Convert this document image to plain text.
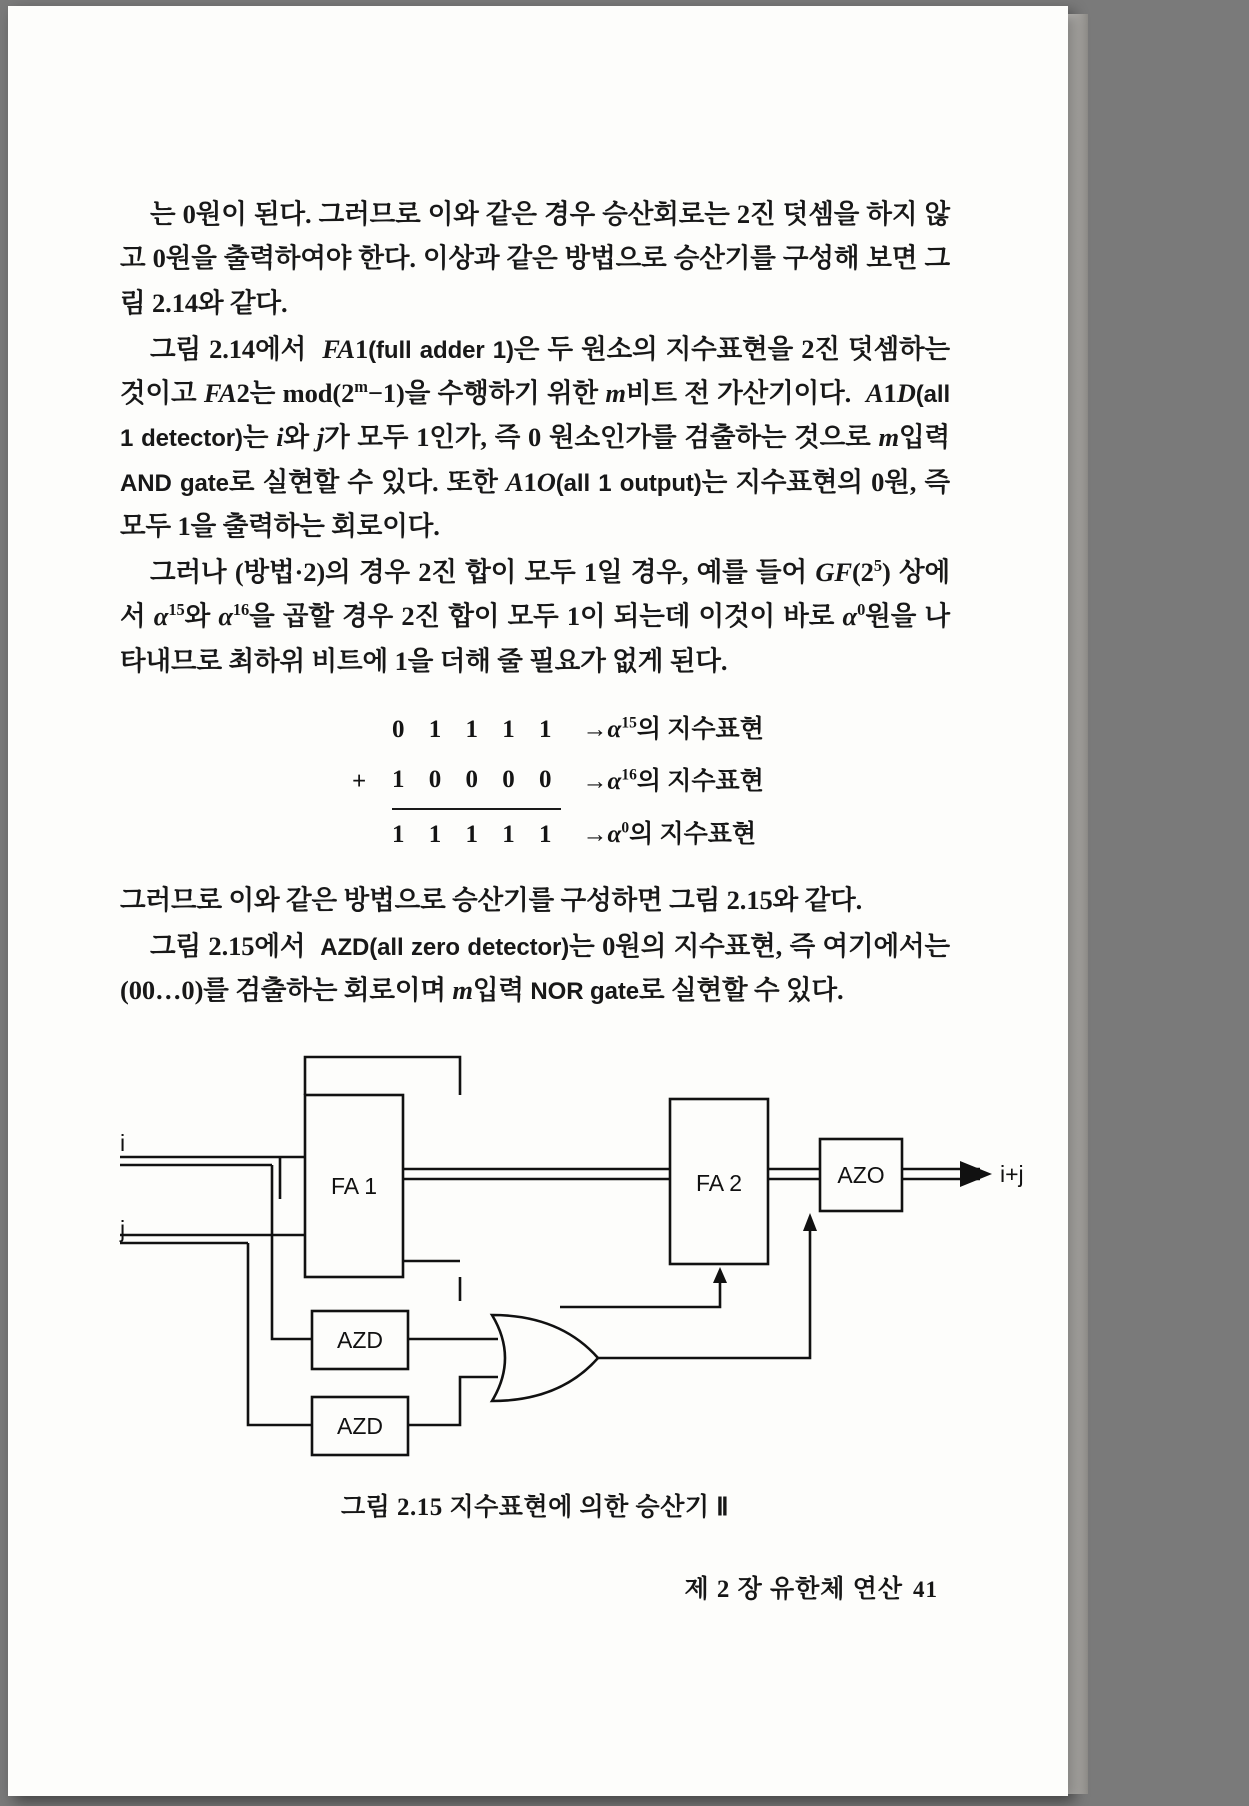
는 0원이 된다. 그러므로 이와 같은 경우 승산회로는 2진 덧셈을 하지 않고 0원을 출력하여야 한다. 이상과 같은 방법으로 승산기를 구성해 보면 그림 2.14와 같다.

그림 2.14에서  FA1(full adder 1)은 두 원소의 지수표현을 2진 덧셈하는 것이고 FA2는 $mod(2^m-1)$을 수행하기 위한 m비트 전 가산기이다.  A1D(all 1 detector)는 i와 j가 모두 1인가, 즉 0 원소인가를 검출하는 것으로 m입력 AND gate로 실현할 수 있다. 또한 A1O(all 1 output)는 지수표현의 0원, 즉 모두 1을 출력하는 회로이다.

그러나 (방법·2)의 경우 2진 합이 모두 1일 경우, 예를 들어 $GF(2^5)$ 상에서 $\alpha^{15}$와 $\alpha^{16}$을 곱할 경우 2진 합이 모두 1이 되는데 이것이 바로 $\alpha^0$원을 나타내므로 최하위 비트에 1을 더해 줄 필요가 없게 된다.

0 1 1 1 $1 \to\alpha^{15}$의 지수표현
+	1 0 0 0 $0 \to\alpha^{16}$의 지수표현
1 1 1 1 $1 \to\alpha^0$의 지수표현

그러므로 이와 같은 방법으로 승산기를 구성하면 그림 2.15와 같다.

그림 2.15에서  AZD(all zero detector)는 0원의 지수표현, 즉 여기에서는 (00…0)를 검출하는 회로이며 m입력 NOR gate로 실현할 수 있다.

i
j
FA 1	FA 2	AZO
AZD
AZD
i+j
그림 2.15 지수표현에 의한 승산기 Ⅱ
제 2 장 유한체 연산 41
